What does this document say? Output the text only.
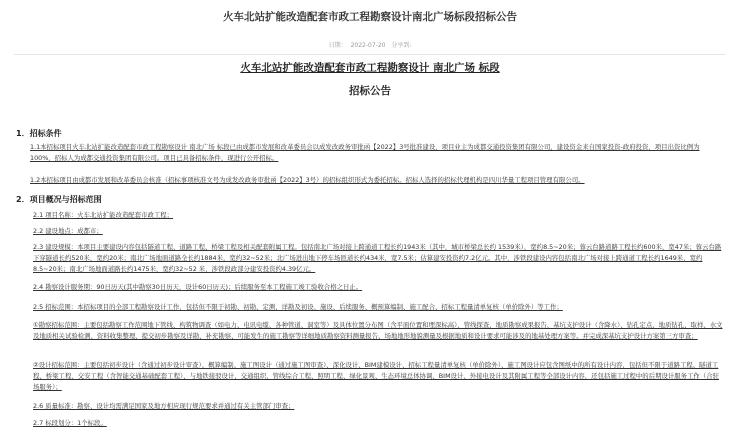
火车北站扩能改造配套市政工程勘察设计南北广场标段招标公告
日期： 2022-07-20 分享到:
火车北站扩能改造配套市政工程勘察设计 南北广场 标段
招标公告
1．招标条件
1.1本招标项目火车北站扩能改造配套市政工程勘察设计 南北广场 标段已由成都市发展和改革委员会以成发改政务审批函【2022】3号批准建设，项目业主为成都交通投资集团有限公司，建设资金来自国家投资-政府投资，项目出资比例为100%，招标人为成都交通投资集团有限公司。项目已具备招标条件，现进行公开招标。
1.2本招标项目由成都市发展和改革委员会核准（招标事项核准文号为成发改政务审批函【2022】3号）的招标组织形式为委托招标。招标人选择的招标代理机构是四川华量工程项目管理有限公司。
2．项目概况与招标范围
2.1 项目名称：火车北站扩能改造配套市政工程；
2.2 建设地点：成都市；
2.3 建设规模：本项目主要建设内容包括隧道工程、道路工程、桥梁工程及相关配套附属工程。包括南北广场对接上跨通道工程长约1943米（其中，城市桥梁总长约 1539米），宽约8.5~20米；蓉云台路道路工程长约600米，宽47米；蓉云台路下穿隧道长约520米，宽约20米；南北广场地面道路全长约1884米，宽约32~52米；北广场进出地下停车场匝道长约434米，宽7.5米；估算建安投资约7.2亿元。其中，涉铁段建设内容包括南北广场对接上跨通道工程长约1649米，宽约8.5~20米；南北广场地面道路长约1475米，宽约32~52 米，涉铁段政部分建安投资约4.39亿元。
2.4 勘察设计服务期：90日历天(其中勘察30日历天，设计60日历天)；后续服务至本工程施工竣工验收合格之日止。
2.5 招标范围：本招标项目的全部工程勘察设计工作，包括但不限于初勘、初勘、定测、详勘及初设、施设、后续服务、概预算编制、施工配合、招标工程量清单复核（单价除外）等工作；
①勘察招标范围：主要包括勘察工作范围地下管线、构筑物调查（如电力、电讯电缆、各种管道、洞室等）及具体位置分布图（含平面位置和埋深标高）、管线探查、地质勘察成果报告、基坑支护设计（含降水）、钻孔定点、地质钻孔、取样、水文及地质相关试验检测、资料收集整理、提交初步勘察及详勘、补充勘察、可能发生的施工勘察等详细地质勘察资料测量报告、场地地形地貌测量及根据地质和设计要求可能涉及的地基处理方案等。并完成深基坑支护设计方案第三方审查；
②设计招标范围：主要包括初步设计（含通过初步设计审查）、概算编制、施工图设计（通过施工图审查）、深化设计、BIM建模设计、招标工程量清单复核（单价除外）、施工图设计应包含图纸中的所有设计内容，包括但不限于道路工程、隧道工程、桥梁工程、交安工程（含智能交通基础配套工程）、与地铁接驳设计、交通组织、管线综合工程、照明工程、绿化景观、生态环境总体协调、BIM设计、外接电设计及其附属工程等全部设计内容，还包括施工过程中的后期设计服务工作（合驻场服务）；
2.6 质量标准：勘察、设计均需满足国家及地方相应现行规范要求并通过有关主管部门审查；
2.7 标段划分：1个标段。
